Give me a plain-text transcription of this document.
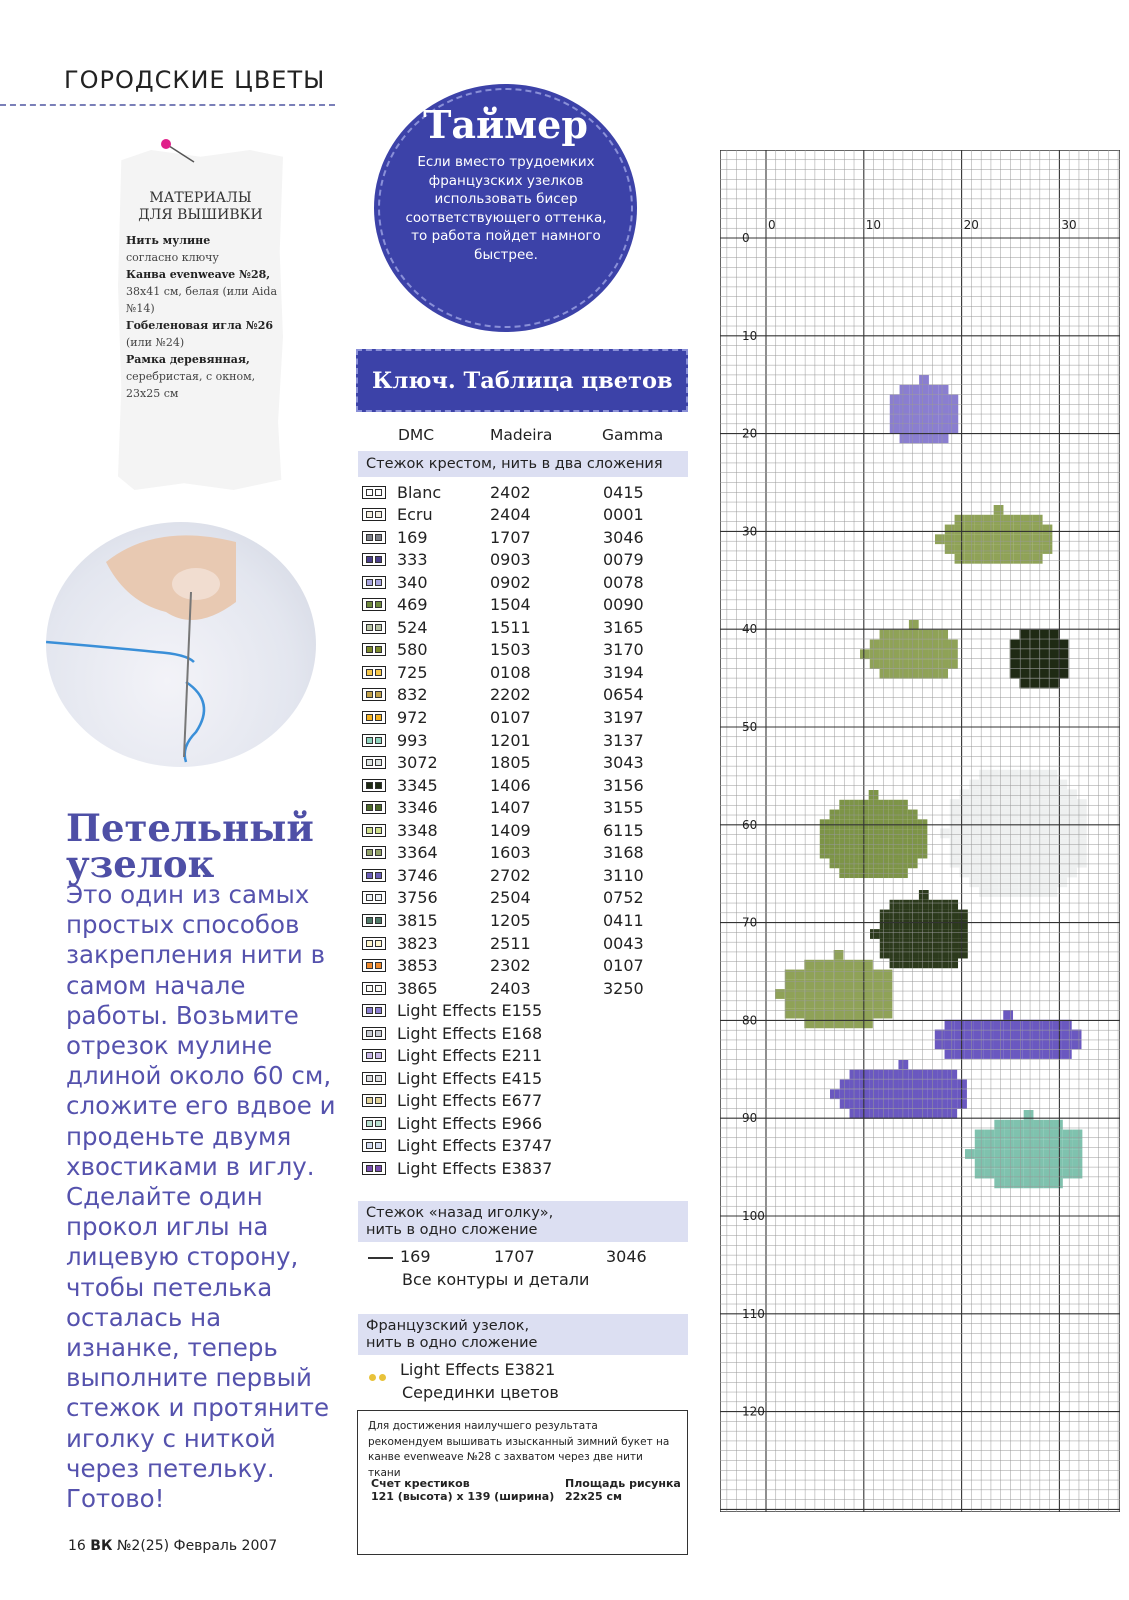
ГОРОДСКИЕ ЦВЕТЫ
МАТЕРИАЛЫ
ДЛЯ ВЫШИВКИ
Нить мулине
согласно ключу
Канва evenweave №28,
38x41 см, белая (или Aida №14)
Гобеленовая игла №26
(или №24)
Рамка деревянная,
серебристая, с окном, 23x25 см
Петельный
узелок
Это один из самых простых способов закрепления нити в самом начале работы. Возьмите отрезок мулине длиной около 60 см, сложите его вдвое и проденьте двумя хвостиками в иглу. Сделайте один прокол иглы на лицевую сторону, чтобы петелька осталась на изнанке, теперь выполните первый стежок и протяните иголку с ниткой через петельку. Готово!
16 ВК №2(25) Февраль 2007
Таймер
Если вместо трудоемких французских узелков использовать бисер соответствующего оттенка, то работа пойдет намного быстрее.
Ключ. Таблица цветов
DMC	Madeira	Gamma
Стежок крестом, нить в два сложения
Blanc	2402	0415
Ecru	2404	0001
169	1707	3046
333	0903	0079
340	0902	0078
469	1504	0090
524	1511	3165
580	1503	3170
725	0108	3194
832	2202	0654
972	0107	3197
993	1201	3137
3072	1805	3043
3345	1406	3156
3346	1407	3155
3348	1409	6115
3364	1603	3168
3746	2702	3110
3756	2504	0752
3815	1205	0411
3823	2511	0043
3853	2302	0107
3865	2403	3250
Light Effects E155
Light Effects E168
Light Effects E211
Light Effects E415
Light Effects E677
Light Effects E966
Light Effects E3747
Light Effects E3837
Стежок «назад иголку»,
нить в одно сложение
169	1707	3046
Все контуры и детали
Французский узелок,
нить в одно сложение
Light Effects E3821
Серединки цветов
Для достижения наилучшего результата рекомендуем вышивать изысканный зимний букет на канве evenweave №28 с захватом через две нити ткани
Счет крестиков
121 (высота) x 139 (ширина)
Площадь рисунка
22x25 см
0	10	20	30
0
10
20
30
40
50
60
70
80
90
100
110
120
